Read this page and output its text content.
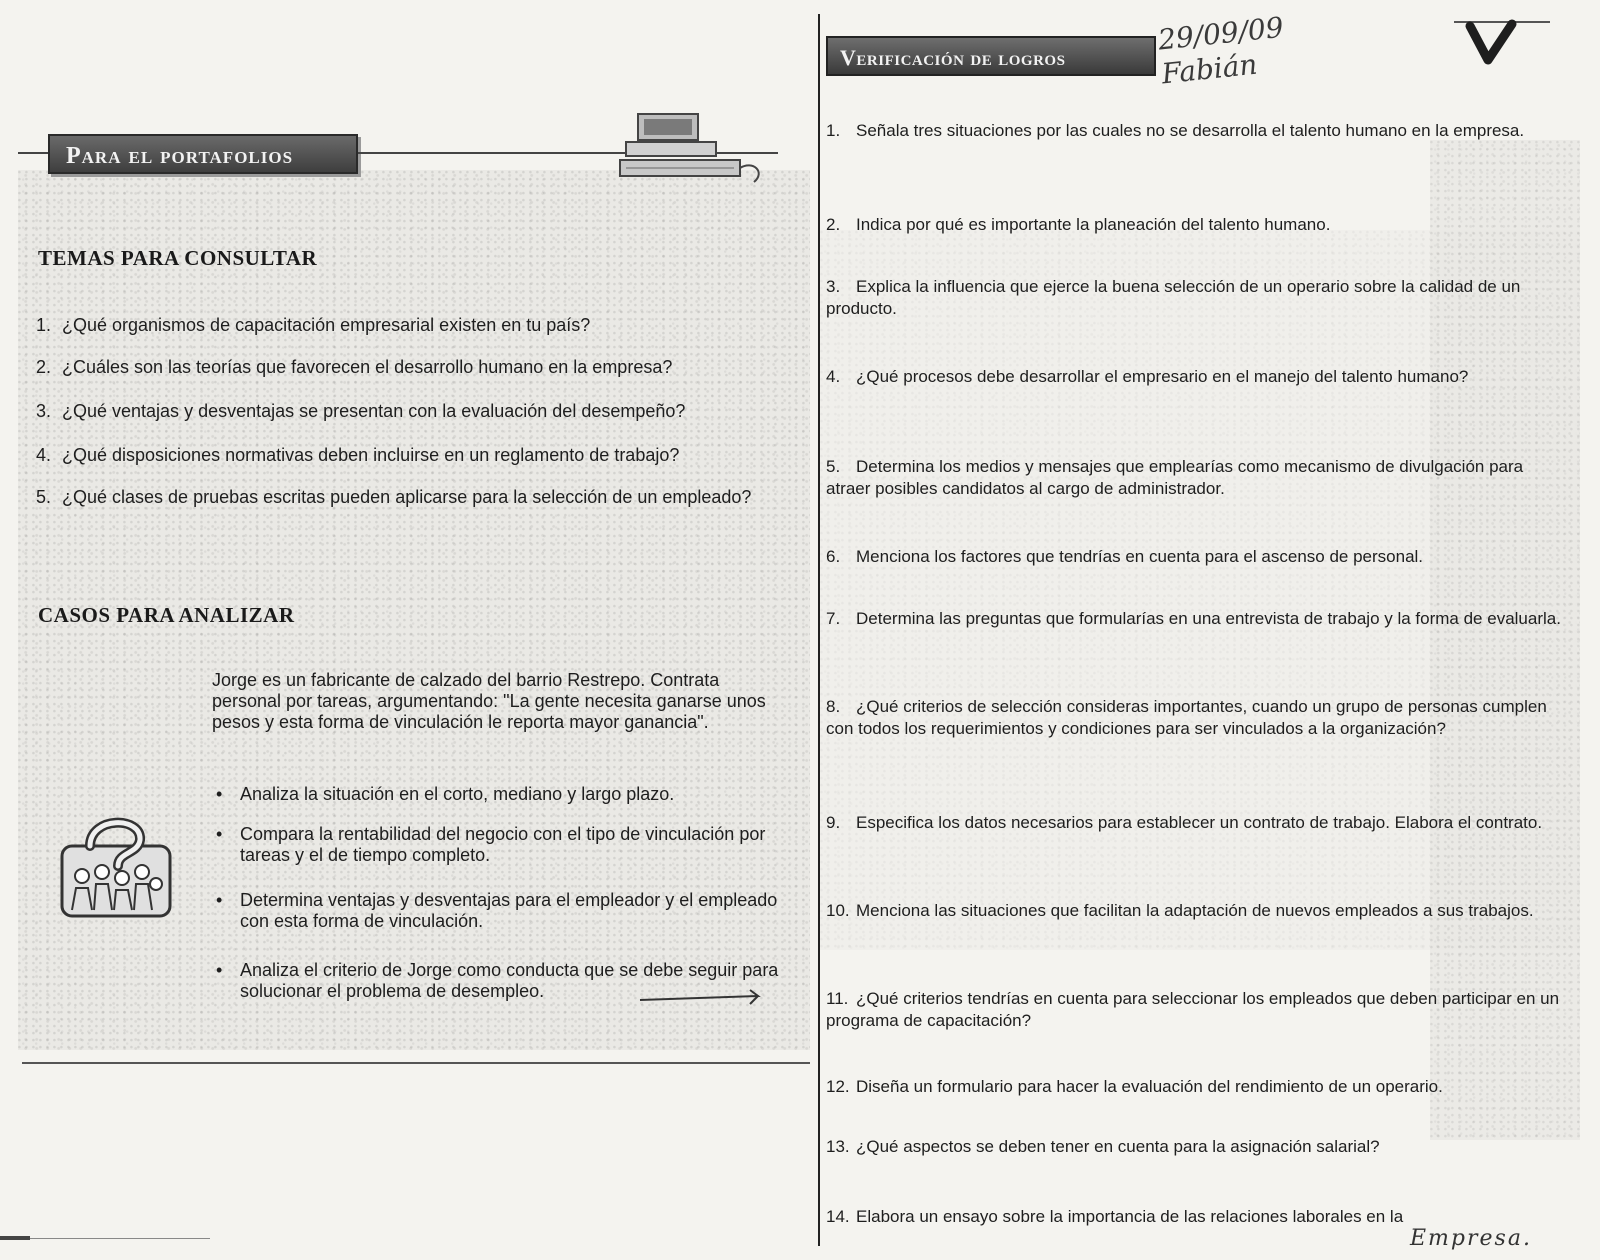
Para el portafolios
TEMAS PARA CONSULTAR
1. ¿Qué organismos de capacitación empresarial existen en tu país?
2. ¿Cuáles son las teorías que favorecen el desarrollo humano en la empresa?
3. ¿Qué ventajas y desventajas se presentan con la evaluación del desempeño?
4. ¿Qué disposiciones normativas deben incluirse en un reglamento de trabajo?
5. ¿Qué clases de pruebas escritas pueden aplicarse para la selección de un empleado?
CASOS PARA ANALIZAR
Jorge es un fabricante de calzado del barrio Restrepo. Contrata personal por tareas, argumentando: "La gente necesita ganarse unos pesos y esta forma de vinculación le reporta mayor ganancia".
• Analiza la situación en el corto, mediano y largo plazo.
• Compara la rentabilidad del negocio con el tipo de vinculación por tareas y el de tiempo completo.
• Determina ventajas y desventajas para el empleador y el empleado con esta forma de vinculación.
• Analiza el criterio de Jorge como conducta que se debe seguir para solucionar el problema de desempleo.
Verificación de logros
29/09/09
Fabián	✓
1. Señala tres situaciones por las cuales no se desarrolla el talento humano en la empresa.
2. Indica por qué es importante la planeación del talento humano.
3. Explica la influencia que ejerce la buena selección de un operario sobre la calidad de un producto.
4. ¿Qué procesos debe desarrollar el empresario en el manejo del talento humano?
5. Determina los medios y mensajes que emplearías como mecanismo de divulgación para atraer posibles candidatos al cargo de administrador.
6. Menciona los factores que tendrías en cuenta para el ascenso de personal.
7. Determina las preguntas que formularías en una entrevista de trabajo y la forma de evaluarla.
8. ¿Qué criterios de selección consideras importantes, cuando un grupo de personas cumplen con todos los requerimientos y condiciones para ser vinculados a la organización?
9. Especifica los datos necesarios para establecer un contrato de trabajo. Elabora el contrato.
10. Menciona las situaciones que facilitan la adaptación de nuevos empleados a sus trabajos.
11. ¿Qué criterios tendrías en cuenta para seleccionar los empleados que deben participar en un programa de capacitación?
12. Diseña un formulario para hacer la evaluación del rendimiento de un operario.
13. ¿Qué aspectos se deben tener en cuenta para la asignación salarial?
14. Elabora un ensayo sobre la importancia de las relaciones laborales en la
Empresa.
